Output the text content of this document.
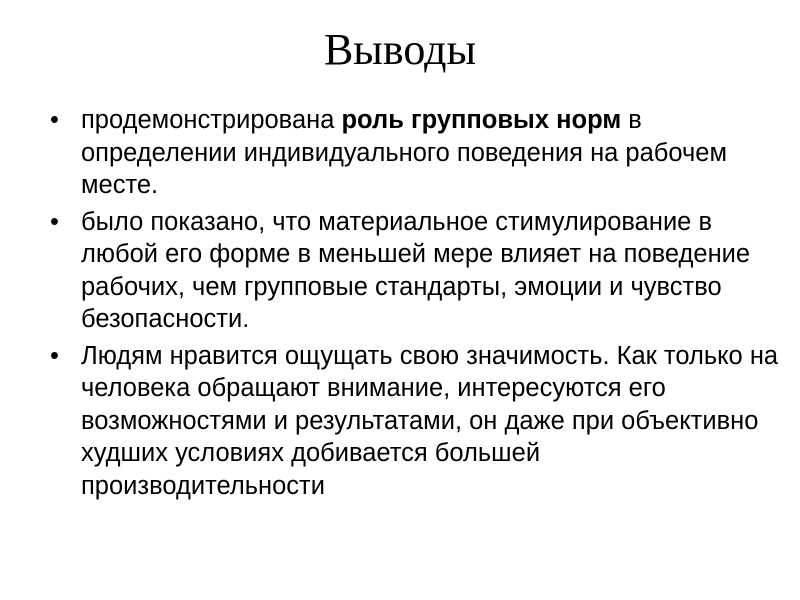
Выводы
• продемонстрирована роль групповых норм в определении индивидуального поведения на рабочем месте.
• было показано, что материальное стимулирование в любой его форме в меньшей мере влияет на поведение рабочих, чем групповые стандарты, эмоции и чувство безопасности.
• Людям нравится ощущать свою значимость. Как только на человека обращают внимание, интересуются его возможностями и результатами, он даже при объективно худших условиях добивается большей производительности
